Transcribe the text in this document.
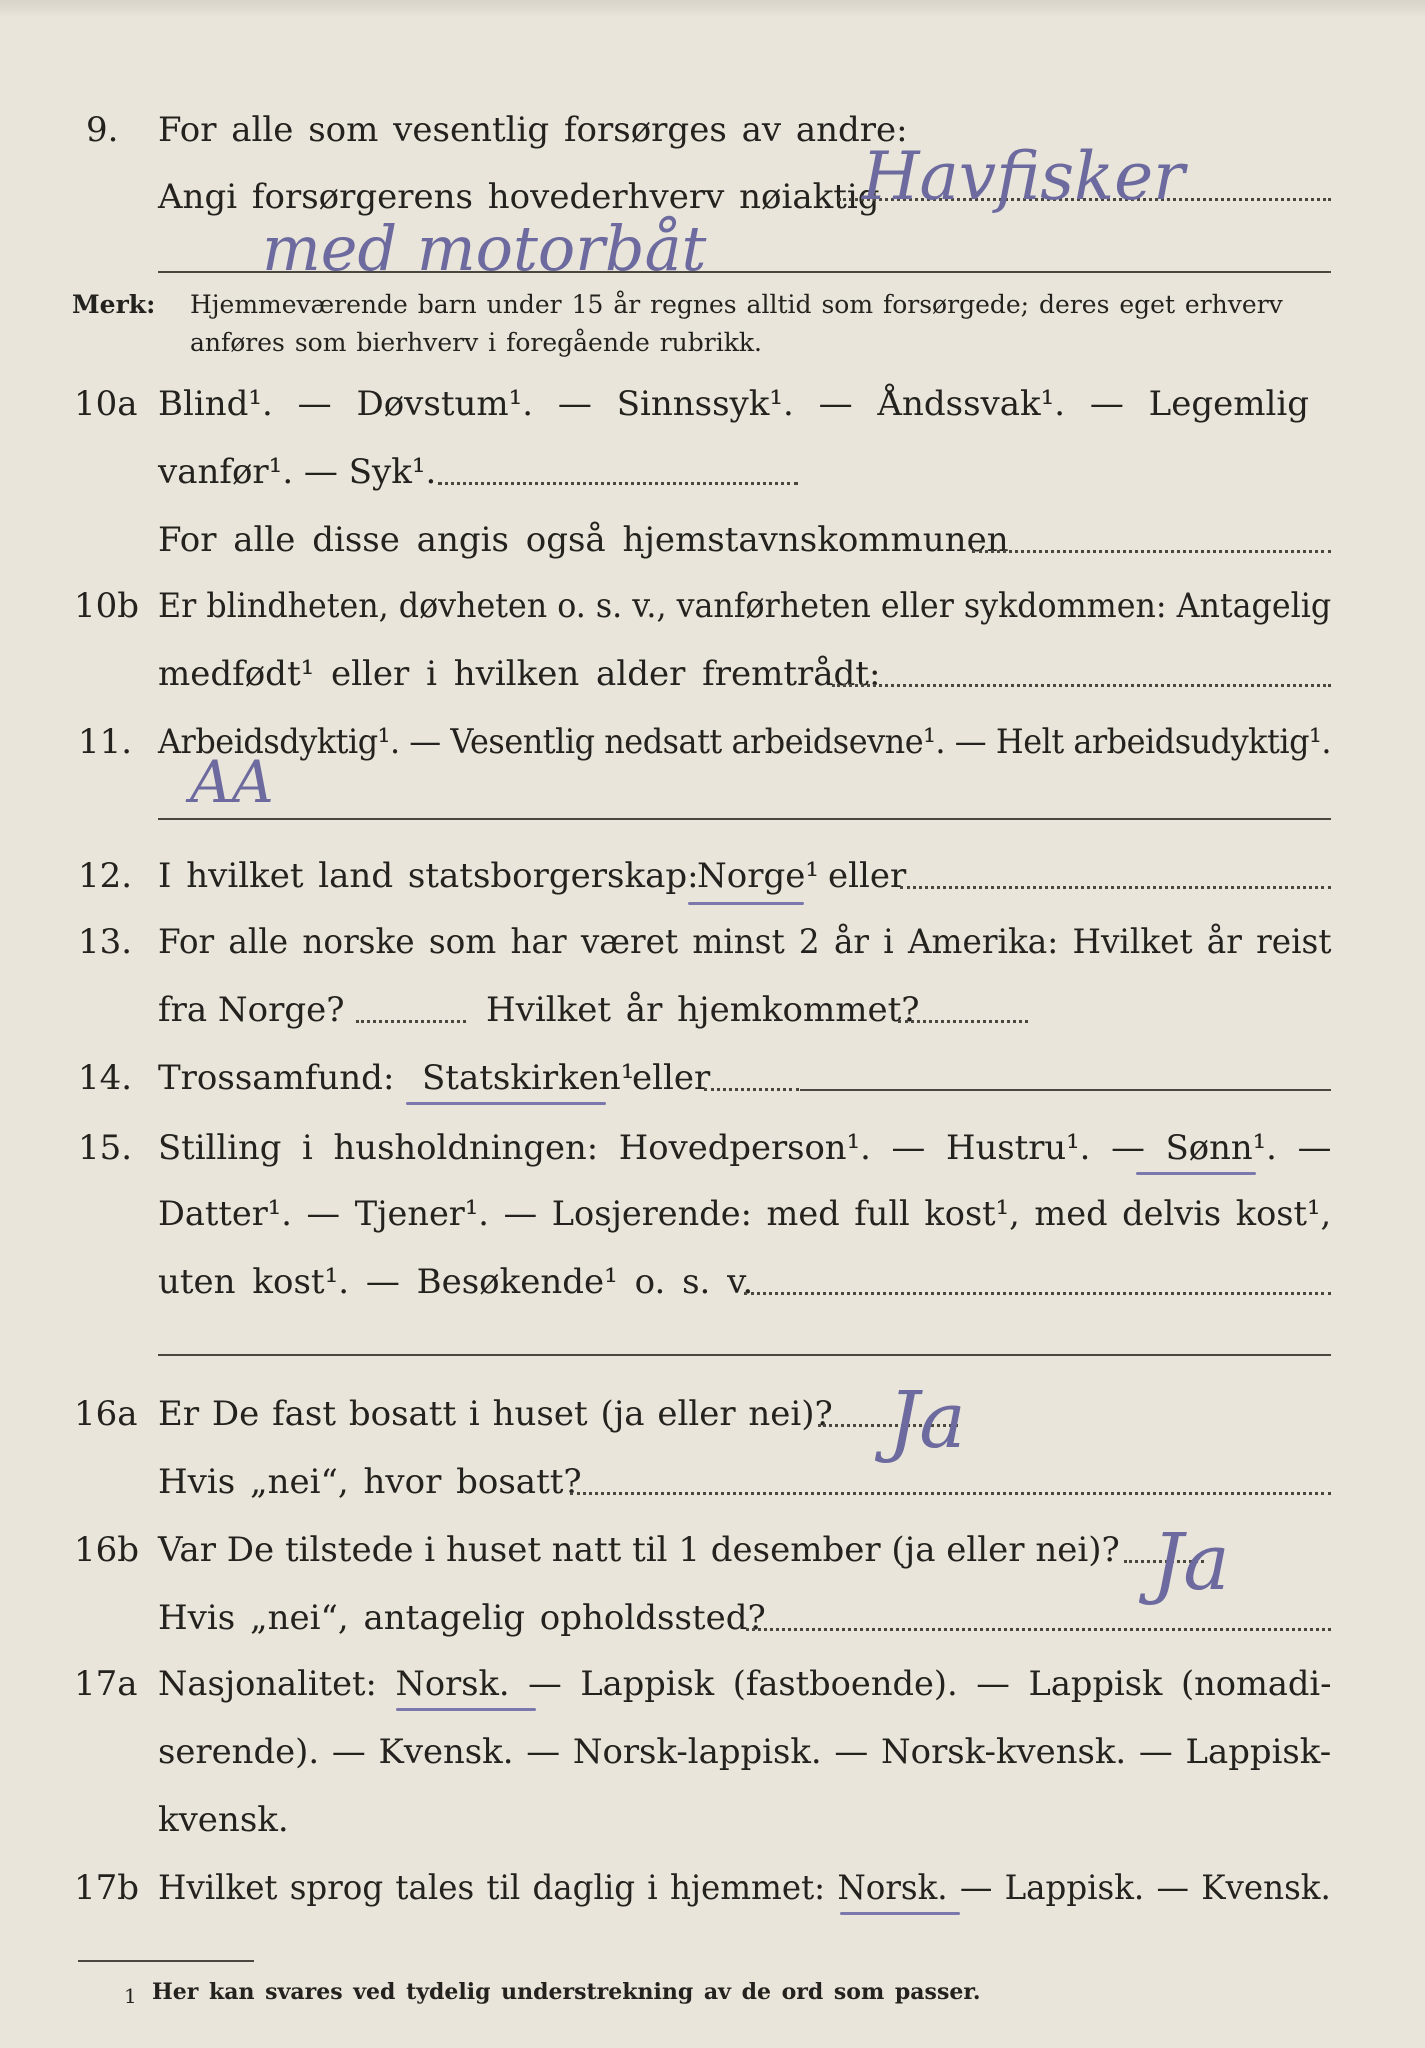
9. For alle som vesentlig forsørges av andre:
Angi forsørgerens hovederhverv nøiaktig
Havfisker
med motorbåt
Merk: Hjemmeværende barn under 15 år regnes alltid som forsørgede; deres eget erhverv
anføres som bierhverv i foregående rubrikk.
10a Blind¹. — Døvstum¹. — Sinnssyk¹. — Åndssvak¹. — Legemlig
vanfør¹. — Syk¹.
For alle disse angis også hjemstavnskommunen
10b Er blindheten, døvheten o. s. v., vanførheten eller sykdommen: Antagelig
medfødt¹ eller i hvilken alder fremtrådt:
11. Arbeidsdyktig¹. — Vesentlig nedsatt arbeidsevne¹. — Helt arbeidsudyktig¹.
AA
12. I hvilket land statsborgerskap:
Norge¹ eller
13. For alle norske som har været minst 2 år i Amerika: Hvilket år reist
fra Norge?	Hvilket år hjemkommet?
14. Trossamfund: Statskirken¹
eller
15. Stilling i husholdningen: Hovedperson¹. — Hustru¹. — Sønn¹. —
Datter¹. — Tjener¹. — Losjerende: med full kost¹, med delvis kost¹,
uten kost¹. — Besøkende¹ o. s. v.
16a Er De fast bosatt i huset (ja eller nei)? Ja
Hvis „nei“, hvor bosatt?
16b Var De tilstede i huset natt til 1 desember (ja eller nei)? Ja
Hvis „nei“, antagelig opholdssted?
17a Nasjonalitet: Norsk. — Lappisk (fastboende). — Lappisk (nomadi-
serende). — Kvensk. — Norsk-lappisk. — Norsk-kvensk. — Lappisk-
kvensk.
17b Hvilket sprog tales til daglig i hjemmet: Norsk. — Lappisk. — Kvensk.
1 Her kan svares ved tydelig understrekning av de ord som passer.
